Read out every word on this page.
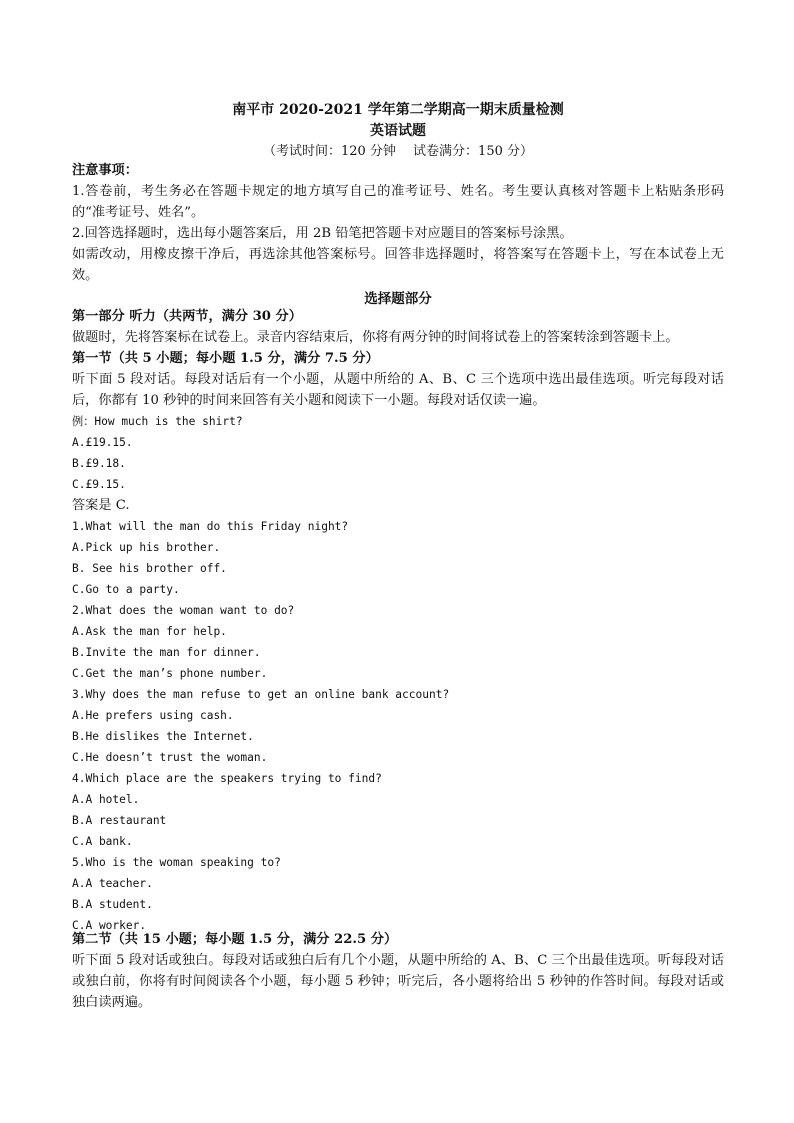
南平市 2020-2021 学年第二学期高一期末质量检测
英语试题
（考试时间：120 分钟　 试卷满分：150 分）
注意事项：
1.答卷前，考生务必在答题卡规定的地方填写自己的准考证号、姓名。考生要认真核对答题卡上粘贴条形码的“准考证号、姓名”。
2.回答选择题时，选出每小题答案后，用 2B 铅笔把答题卡对应题目的答案标号涂黑。
如需改动，用橡皮擦干净后，再选涂其他答案标号。回答非选择题时，将答案写在答题卡上，写在本试卷上无效。
选择题部分
第一部分 听力（共两节，满分 30 分）
做题时，先将答案标在试卷上。录音内容结束后，你将有两分钟的时间将试卷上的答案转涂到答题卡上。
第一节（共 5 小题；每小题 1.5 分，满分 7.5 分）
听下面 5 段对话。每段对话后有一个小题，从题中所给的 A、B、C 三个选项中选出最佳选项。听完每段对话后，你都有 10 秒钟的时间来回答有关小题和阅读下一小题。每段对话仅读一遍。
例：How much is the shirt?
A.£19.15.
B.£9.18.
C.£9.15.
答案是 C.
1.What will the man do this Friday night?
A.Pick up his brother.
B. See his brother off.
C.Go to a party.
2.What does the woman want to do?
A.Ask the man for help.
B.Invite the man for dinner.
C.Get the man’s phone number.
3.Why does the man refuse to get an online bank account?
A.He prefers using cash.
B.He dislikes the Internet.
C.He doesn’t trust the woman.
4.Which place are the speakers trying to find?
A.A hotel.
B.A restaurant
C.A bank.
5.Who is the woman speaking to?
A.A teacher.
B.A student.
C.A worker.
第二节（共 15 小题；每小题 1.5 分，满分 22.5 分）
听下面 5 段对话或独白。每段对话或独白后有几个小题，从题中所给的 A、B、C 三个出最佳选项。听每段对话或独白前，你将有时间阅读各个小题，每小题 5 秒钟；听完后，各小题将给出 5 秒钟的作答时间。每段对话或独白读两遍。
